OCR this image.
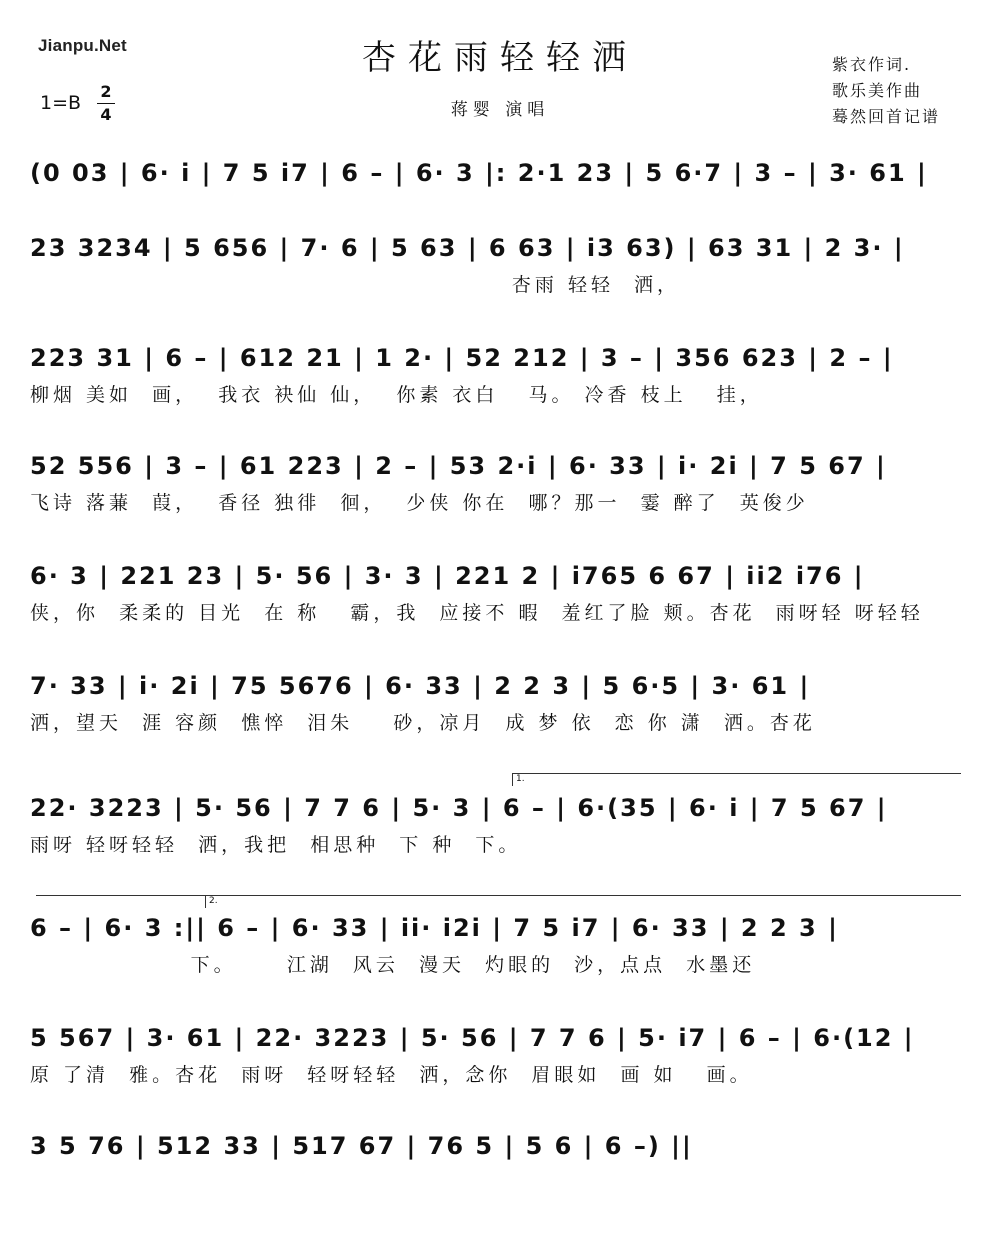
Jianpu.Net	杏花雨轻轻洒
1=B
2
4	蒋婴 演唱
紫衣作词.
歌乐美作曲
蓦然回首记谱
(0 03 | 6· i | 7 5 i7 | 6 – | 6· 3 |: 2·1 23 | 5 6·7 | 3 – | 3· 61 |
23 3234 | 5 656 | 7· 6 | 5 63 | 6 63 | i3 63) | 63 31 | 2 3· |
杏雨 轻轻  洒，
223 31 | 6 – | 612 21 | 1 2· | 52 212 | 3 – | 356 623 | 2 – |
柳烟 美如  画，  我衣 袂仙 仙，  你素 衣白   马。 冷香 枝上   挂，
52 556 | 3 – | 61 223 | 2 – | 53 2·i | 6· 33 | i· 2i | 7 5 67 |
飞诗 落蒹  葭，  香径 独徘  徊，  少侠 你在  哪？那一  霎 醉了  英俊少
6· 3 | 221 23 | 5· 56 | 3· 3 | 221 2 | i765 6 67 | ii2 i76 |
侠，你  柔柔的 目光  在 称   霸，我  应接不 暇  羞红了脸 颊。杏花  雨呀轻 呀轻轻
7· 33 | i· 2i | 75 5676 | 6· 33 | 2 2 3 | 5 6·5 | 3· 61 |
洒，望天  涯 容颜  憔悴  泪朱    砂，凉月  成 梦 依  恋 你 潇  洒。杏花
1.
22· 3223 | 5· 56 | 7 7 6 | 5· 3 | 6 – | 6·(35 | 6· i | 7 5 67 |
雨呀 轻呀轻轻  洒，我把  相思种  下 种  下。
2.
6 – | 6· 3 :|| 6 – | 6· 33 | ii· i2i | 7 5 i7 | 6· 33 | 2 2 3 |
下。     江湖  风云  漫天  灼眼的  沙，点点  水墨还
5 567 | 3· 61 | 22· 3223 | 5· 56 | 7 7 6 | 5· i7 | 6 – | 6·(12 |
原 了清  雅。杏花  雨呀  轻呀轻轻  洒，念你  眉眼如  画 如   画。
3 5 76 | 512 33 | 517 67 | 76 5 | 5 6 | 6 –) ||
